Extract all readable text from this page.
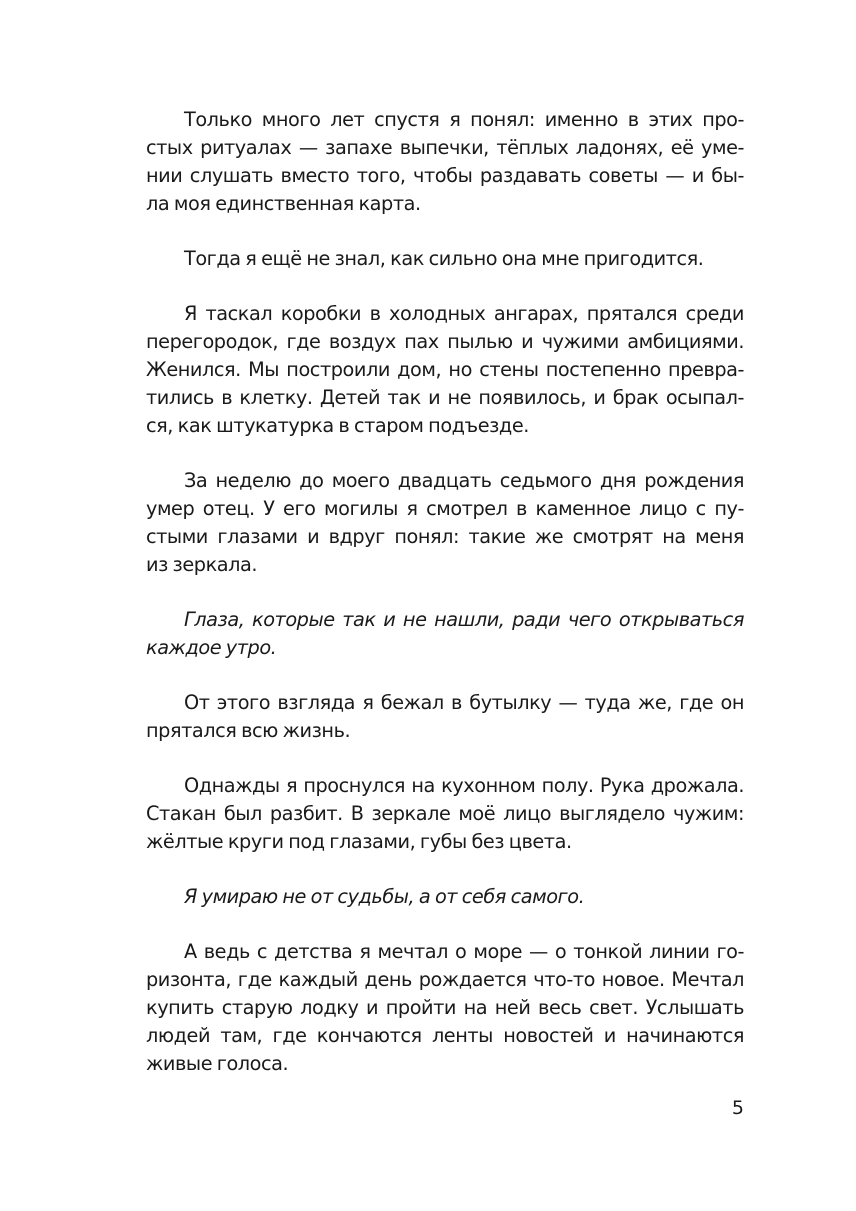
Только много лет спустя я понял: именно в этих про-
стых ритуалах — запахе выпечки, тёплых ладонях, её уме-
нии слушать вместо того, чтобы раздавать советы — и бы-
ла моя единственная карта.

Тогда я ещё не знал, как сильно она мне пригодится.

Я таскал коробки в холодных ангарах, прятался среди
перегородок, где воздух пах пылью и чужими амбициями.
Женился. Мы построили дом, но стены постепенно превра-
тились в клетку. Детей так и не появилось, и брак осыпал-
ся, как штукатурка в старом подъезде.

За неделю до моего двадцать седьмого дня рождения
умер отец. У его могилы я смотрел в каменное лицо с пу-
стыми глазами и вдруг понял: такие же смотрят на меня
из зеркала.

Глаза, которые так и не нашли, ради чего открываться
каждое утро.

От этого взгляда я бежал в бутылку — туда же, где он
прятался всю жизнь.

Однажды я проснулся на кухонном полу. Рука дрожала.
Стакан был разбит. В зеркале моё лицо выглядело чужим:
жёлтые круги под глазами, губы без цвета.

Я умираю не от судьбы, а от себя самого.

А ведь с детства я мечтал о море — о тонкой линии го-
ризонта, где каждый день рождается что-то новое. Мечтал
купить старую лодку и пройти на ней весь свет. Услышать
людей там, где кончаются ленты новостей и начинаются
живые голоса.

5
